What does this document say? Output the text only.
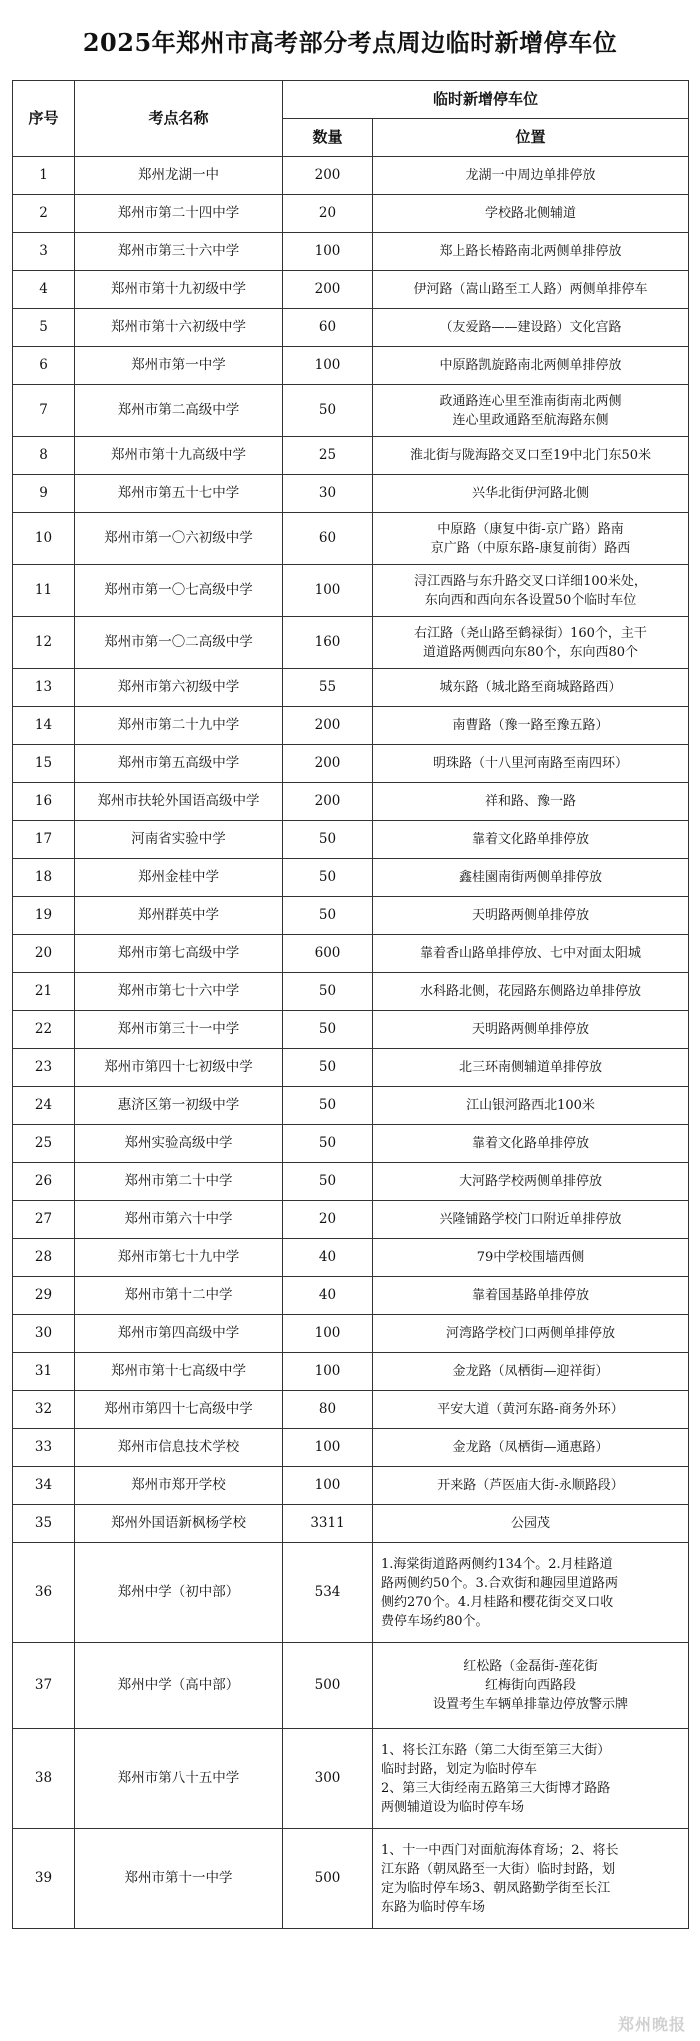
2025年郑州市高考部分考点周边临时新增停车位
序号	考点名称	临时新增停车位	
		数量	位置
1	郑州龙湖一中	200	龙湖一中周边单排停放
2	郑州市第二十四中学	20	学校路北侧辅道
3	郑州市第三十六中学	100	郑上路长椿路南北两侧单排停放
4	郑州市第十九初级中学	200	伊河路（嵩山路至工人路）两侧单排停车
5	郑州市第十六初级中学	60	（友爱路——建设路）文化宫路
6	郑州市第一中学	100	中原路凯旋路南北两侧单排停放
7	郑州市第二高级中学	50	政通路连心里至淮南街南北两侧
连心里政通路至航海路东侧
8	郑州市第十九高级中学	25	淮北街与陇海路交叉口至19中北门东50米
9	郑州市第五十七中学	30	兴华北街伊河路北侧
10	郑州市第一〇六初级中学	60	中原路（康复中街-京广路）路南
京广路（中原东路-康复前街）路西
11	郑州市第一〇七高级中学	100	浔江西路与东升路交叉口详细100米处，
东向西和西向东各设置50个临时车位
12	郑州市第一〇二高级中学	160	右江路（尧山路至鹤禄街）160个，主干
道道路两侧西向东80个，东向西80个
13	郑州市第六初级中学	55	城东路（城北路至商城路路西）
14	郑州市第二十九中学	200	南曹路（豫一路至豫五路）
15	郑州市第五高级中学	200	明珠路（十八里河南路至南四环）
16	郑州市扶轮外国语高级中学	200	祥和路、豫一路
17	河南省实验中学	50	靠着文化路单排停放
18	郑州金桂中学	50	鑫桂園南街两侧单排停放
19	郑州群英中学	50	天明路两侧单排停放
20	郑州市第七高级中学	600	靠着香山路单排停放、七中对面太阳城
21	郑州市第七十六中学	50	水科路北侧，花园路东侧路边单排停放
22	郑州市第三十一中学	50	天明路两侧单排停放
23	郑州市第四十七初级中学	50	北三环南侧辅道单排停放
24	惠济区第一初级中学	50	江山银河路西北100米
25	郑州实验高级中学	50	靠着文化路单排停放
26	郑州市第二十中学	50	大河路学校两侧单排停放
27	郑州市第六十中学	20	兴隆铺路学校门口附近单排停放
28	郑州市第七十九中学	40	79中学校围墙西侧
29	郑州市第十二中学	40	靠着国基路单排停放
30	郑州市第四高级中学	100	河湾路学校门口两侧单排停放
31	郑州市第十七高级中学	100	金龙路（凤栖街—迎祥街）
32	郑州市第四十七高级中学	80	平安大道（黄河东路-商务外环）
33	郑州市信息技术学校	100	金龙路（凤栖街—通惠路）
34	郑州市郑开学校	100	开来路（芦医庙大街-永顺路段）
35	郑州外国语新枫杨学校	3311	公园茂
36	郑州中学（初中部）	534	1.海棠街道路两侧约134个。2.月桂路道
路两侧约50个。3.合欢街和趣园里道路两
侧约270个。4.月桂路和樱花街交叉口收
费停车场约80个。
37	郑州中学（高中部）	500	红松路（金磊街-莲花街
红梅街向西路段
设置考生车辆单排靠边停放警示牌
38	郑州市第八十五中学	300	1、将长江东路（第二大街至第三大街）
临时封路，划定为临时停车
2、第三大街经南五路第三大街博才路路
两侧辅道设为临时停车场
39	郑州市第十一中学	500	1、十一中西门对面航海体育场；2、将长
江东路（朝凤路至一大街）临时封路，划
定为临时停车场3、朝凤路勤学街至长江
东路为临时停车场
郑州晚报
